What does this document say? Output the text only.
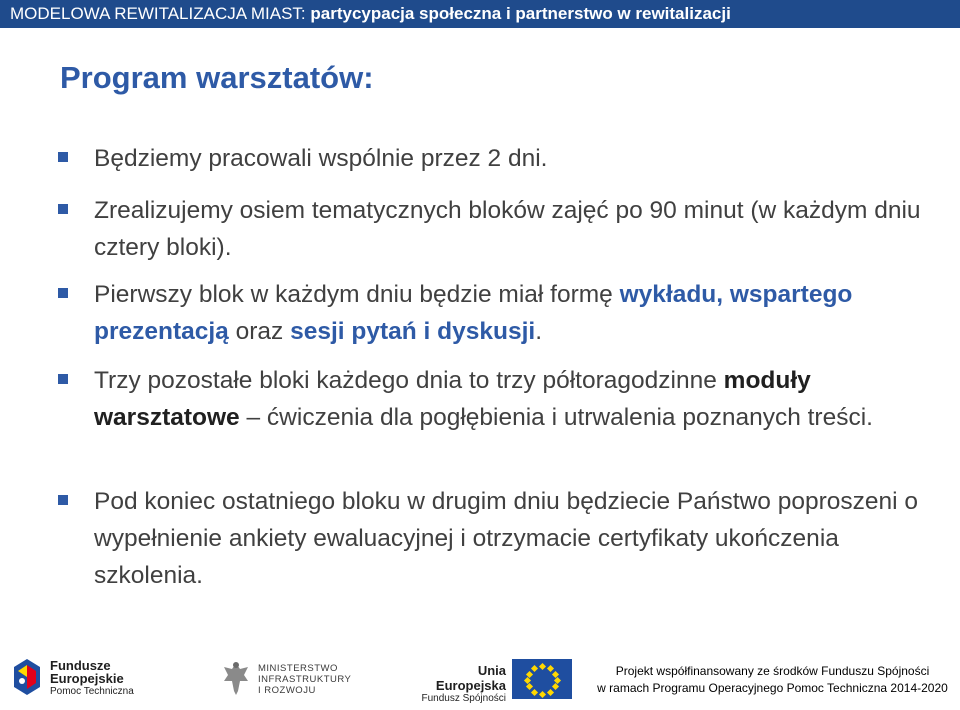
MODELOWA REWITALIZACJA MIAST: partycypacja społeczna i partnerstwo w rewitalizacji
Program warsztatów:
Będziemy pracowali wspólnie przez 2 dni.
Zrealizujemy osiem tematycznych bloków zajęć po 90 minut (w każdym dniu cztery bloki).
Pierwszy blok w każdym dniu będzie miał formę wykładu, wspartego prezentacją oraz sesji pytań i dyskusji.
Trzy pozostałe bloki każdego dnia to trzy półtoragodzinne moduły warsztatowe – ćwiczenia dla pogłębienia i utrwalenia poznanych treści.
Pod koniec ostatniego bloku w drugim dniu będziecie Państwo poproszeni o wypełnienie ankiety ewaluacyjnej i otrzymacie certyfikaty ukończenia szkolenia.
Fundusze
Europejskie
Pomoc Techniczna
MINISTERSTWO
INFRASTRUKTURY
I ROZWOJU
Unia Europejska
Fundusz Spójności
Projekt współfinansowany ze środków Funduszu Spójności
w ramach Programu Operacyjnego Pomoc Techniczna 2014-2020
